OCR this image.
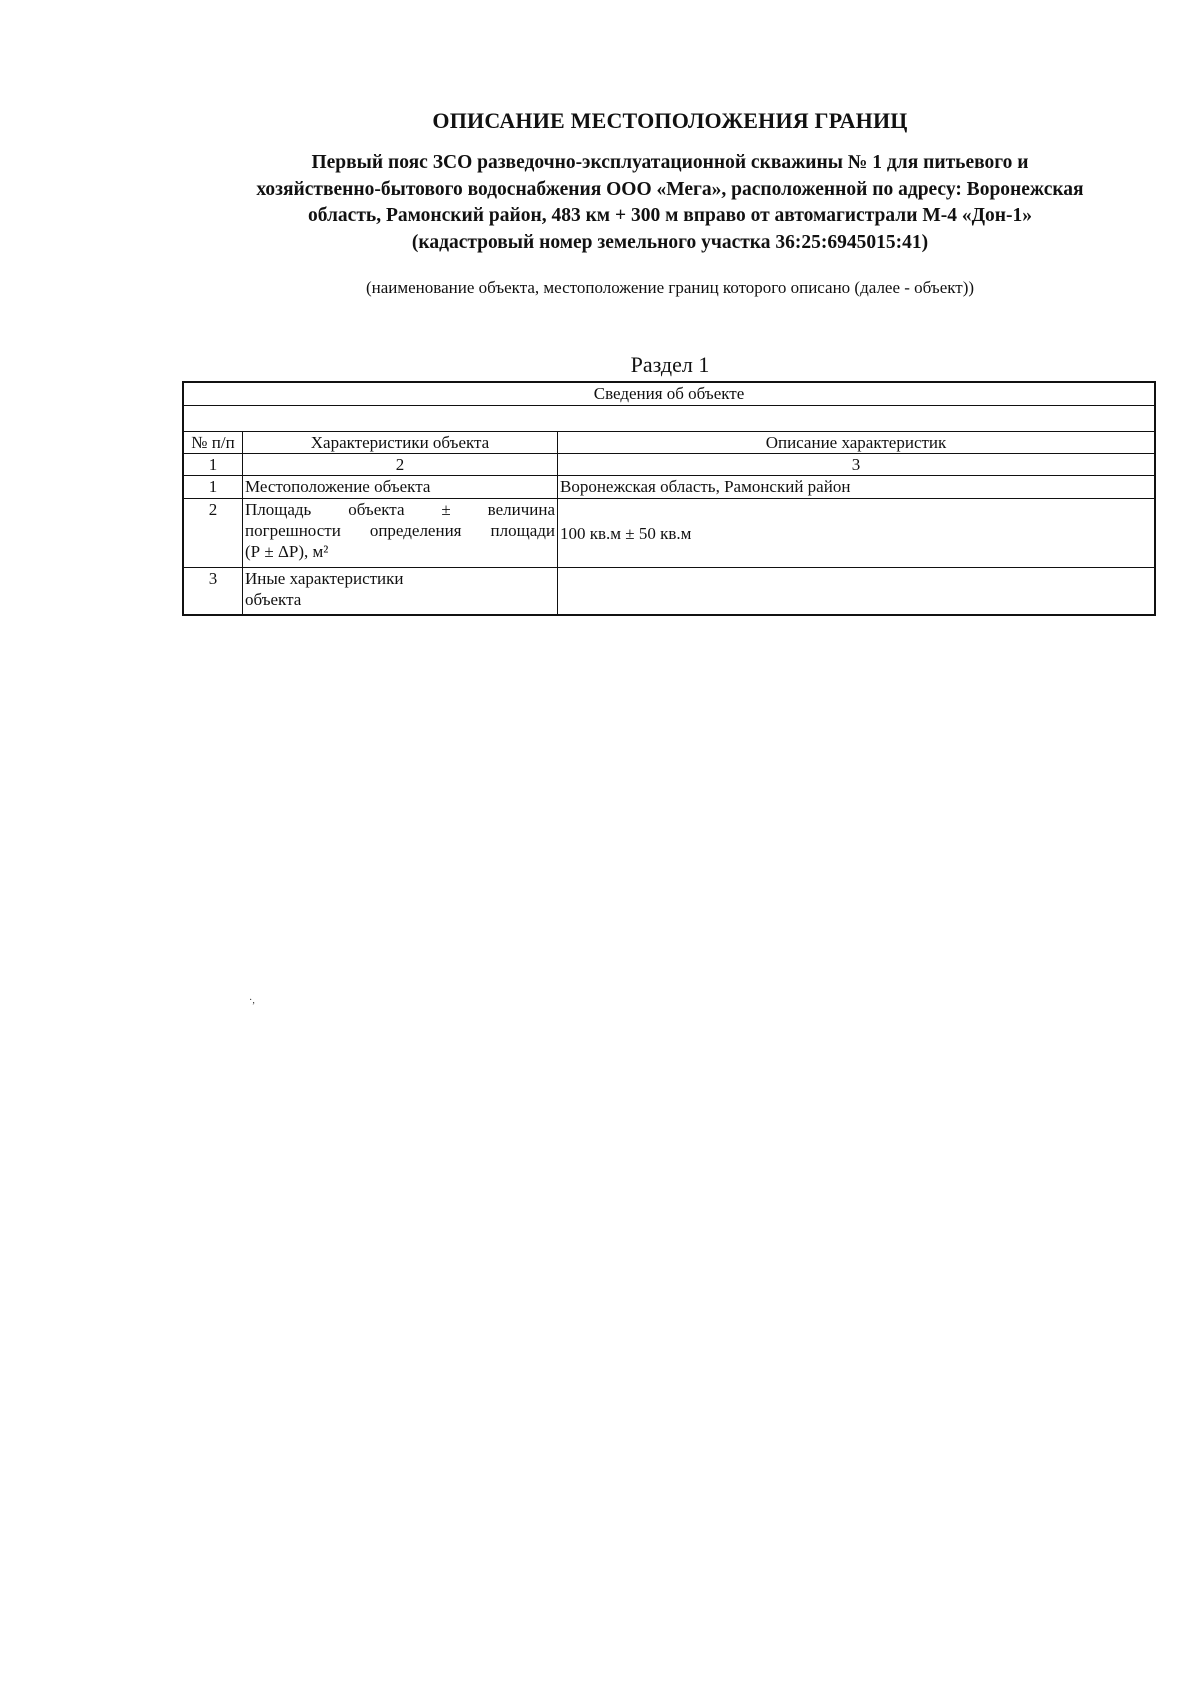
ОПИСАНИЕ МЕСТОПОЛОЖЕНИЯ ГРАНИЦ
Первый пояс ЗСО разведочно-эксплуатационной скважины № 1 для питьевого и
хозяйственно-бытового водоснабжения ООО «Мега», расположенной по адресу: Воронежская
область, Рамонский район, 483 км + 300 м вправо от автомагистрали М-4 «Дон-1»
(кадастровый номер земельного участка 36:25:6945015:41)
(наименование объекта, местоположение границ которого описано (далее - объект))
Раздел 1
Сведения об объекте		

№ п/п	Характеристики объекта	Описание характеристик
1	2	3
1	Местоположение объекта	Воронежская область, Рамонский район
2	Площадь объекта ± величина
погрешности определения площади
(Р ± ΔР), м²	100 кв.м ± 50 кв.м
3	Иные характеристики
объекта	

·,
